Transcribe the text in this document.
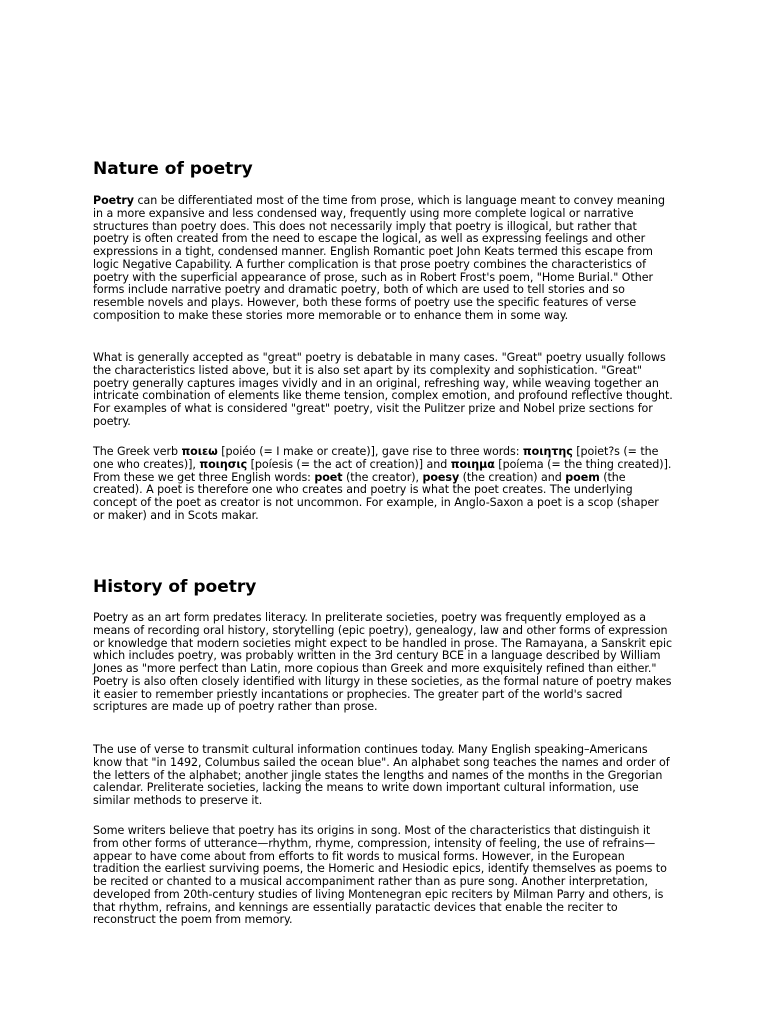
Nature of poetry

Poetry can be differentiated most of the time from prose, which is language meant to convey meaning in a more expansive and less condensed way, frequently using more complete logical or narrative structures than poetry does. This does not necessarily imply that poetry is illogical, but rather that poetry is often created from the need to escape the logical, as well as expressing feelings and other expressions in a tight, condensed manner. English Romantic poet John Keats termed this escape from logic Negative Capability. A further complication is that prose poetry combines the characteristics of poetry with the superficial appearance of prose, such as in Robert Frost's poem, "Home Burial." Other forms include narrative poetry and dramatic poetry, both of which are used to tell stories and so resemble novels and plays. However, both these forms of poetry use the specific features of verse composition to make these stories more memorable or to enhance them in some way.

What is generally accepted as "great" poetry is debatable in many cases. "Great" poetry usually follows the characteristics listed above, but it is also set apart by its complexity and sophistication. "Great" poetry generally captures images vividly and in an original, refreshing way, while weaving together an intricate combination of elements like theme tension, complex emotion, and profound reflective thought. For examples of what is considered "great" poetry, visit the Pulitzer prize and Nobel prize sections for poetry.

The Greek verb ποιεω [poiéo (= I make or create)], gave rise to three words: ποιητης [poiet?s (= the one who creates)], ποιησις [poíesis (= the act of creation)] and ποιημα [poíema (= the thing created)]. From these we get three English words: poet (the creator), poesy (the creation) and poem (the created). A poet is therefore one who creates and poetry is what the poet creates. The underlying concept of the poet as creator is not uncommon. For example, in Anglo-Saxon a poet is a scop (shaper or maker) and in Scots makar.

History of poetry

Poetry as an art form predates literacy. In preliterate societies, poetry was frequently employed as a means of recording oral history, storytelling (epic poetry), genealogy, law and other forms of expression or knowledge that modern societies might expect to be handled in prose. The Ramayana, a Sanskrit epic which includes poetry, was probably written in the 3rd century BCE in a language described by William Jones as "more perfect than Latin, more copious than Greek and more exquisitely refined than either." Poetry is also often closely identified with liturgy in these societies, as the formal nature of poetry makes it easier to remember priestly incantations or prophecies. The greater part of the world's sacred scriptures are made up of poetry rather than prose.

The use of verse to transmit cultural information continues today. Many English speaking–Americans know that "in 1492, Columbus sailed the ocean blue". An alphabet song teaches the names and order of the letters of the alphabet; another jingle states the lengths and names of the months in the Gregorian calendar. Preliterate societies, lacking the means to write down important cultural information, use similar methods to preserve it.

Some writers believe that poetry has its origins in song. Most of the characteristics that distinguish it from other forms of utterance—rhythm, rhyme, compression, intensity of feeling, the use of refrains—appear to have come about from efforts to fit words to musical forms. However, in the European tradition the earliest surviving poems, the Homeric and Hesiodic epics, identify themselves as poems to be recited or chanted to a musical accompaniment rather than as pure song. Another interpretation, developed from 20th-century studies of living Montenegran epic reciters by Milman Parry and others, is that rhythm, refrains, and kennings are essentially paratactic devices that enable the reciter to reconstruct the poem from memory.
